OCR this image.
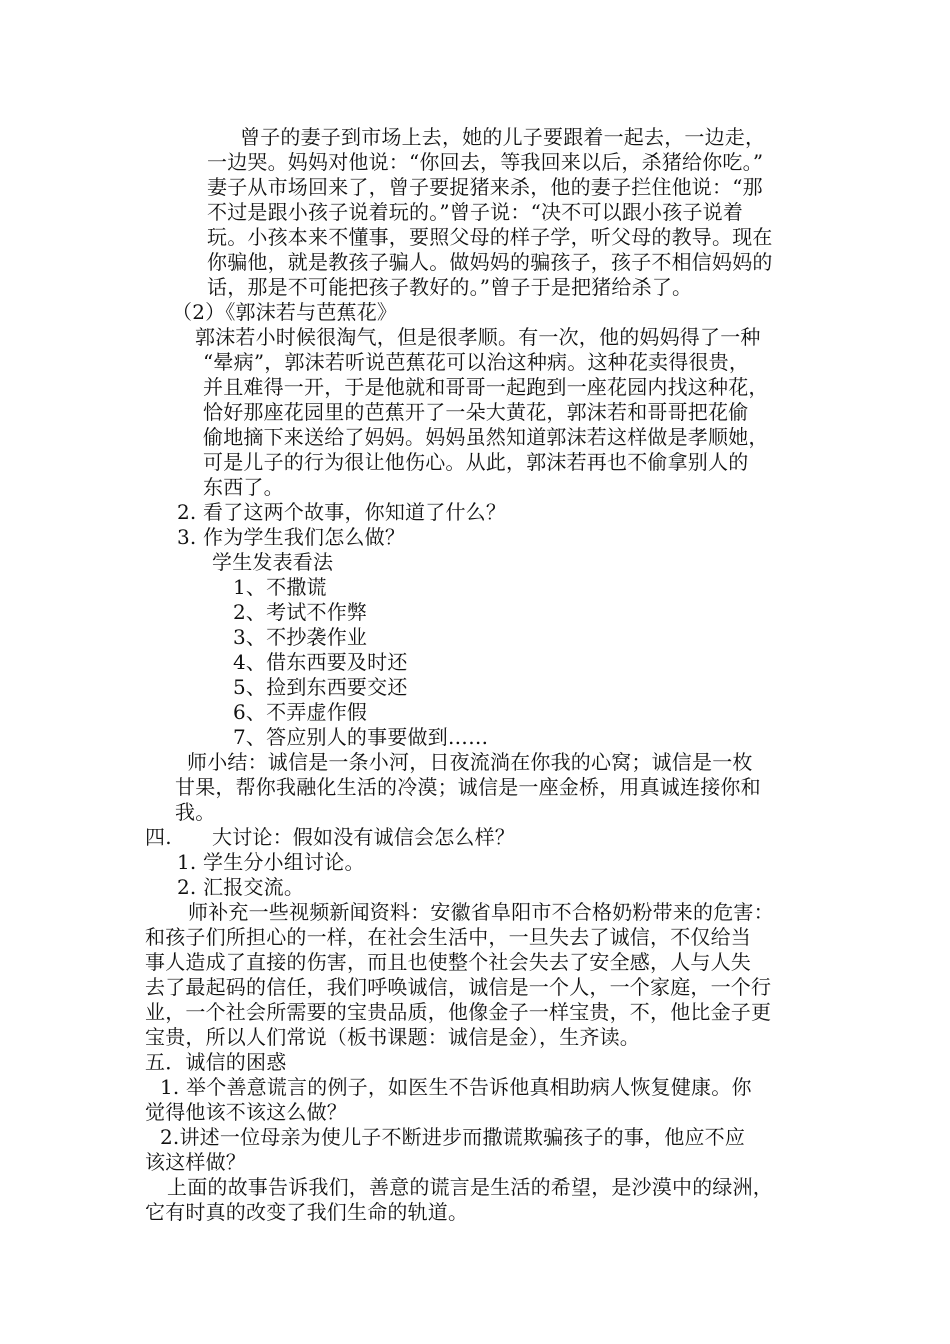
曾子的妻子到市场上去，她的儿子要跟着一起去，一边走，
一边哭。妈妈对他说：“你回去，等我回来以后，杀猪给你吃。”
妻子从市场回来了，曾子要捉猪来杀，他的妻子拦住他说：“那
不过是跟小孩子说着玩的。”曾子说：“决不可以跟小孩子说着
玩。小孩本来不懂事，要照父母的样子学，听父母的教导。现在
你骗他，就是教孩子骗人。做妈妈的骗孩子，孩子不相信妈妈的
话，那是不可能把孩子教好的。”曾子于是把猪给杀了。
（2）《郭沫若与芭蕉花》
郭沫若小时候很淘气，但是很孝顺。有一次，他的妈妈得了一种
“晕病”，郭沫若听说芭蕉花可以治这种病。这种花卖得很贵，
并且难得一开，于是他就和哥哥一起跑到一座花园内找这种花，
恰好那座花园里的芭蕉开了一朵大黄花，郭沫若和哥哥把花偷
偷地摘下来送给了妈妈。妈妈虽然知道郭沫若这样做是孝顺她，
可是儿子的行为很让他伤心。从此，郭沫若再也不偷拿别人的
东西了。
2. 看了这两个故事，你知道了什么？
3. 作为学生我们怎么做？
学生发表看法
1、不撒谎
2、考试不作弊
3、不抄袭作业
4、借东西要及时还
5、捡到东西要交还
6、不弄虚作假
7、答应别人的事要做到……
师小结：诚信是一条小河，日夜流淌在你我的心窝；诚信是一枚
甘果，帮你我融化生活的冷漠；诚信是一座金桥，用真诚连接你和
我。
四. 大讨论：假如没有诚信会怎么样？
1. 学生分小组讨论。
2. 汇报交流。
师补充一些视频新闻资料：安徽省阜阳市不合格奶粉带来的危害：
和孩子们所担心的一样，在社会生活中，一旦失去了诚信，不仅给当
事人造成了直接的伤害，而且也使整个社会失去了安全感，人与人失
去了最起码的信任，我们呼唤诚信，诚信是一个人，一个家庭，一个行
业，一个社会所需要的宝贵品质，他像金子一样宝贵，不，他比金子更
宝贵，所以人们常说（板书课题：诚信是金），生齐读。
五．诚信的困惑
1. 举个善意谎言的例子，如医生不告诉他真相助病人恢复健康。你
觉得他该不该这么做？
2.讲述一位母亲为使儿子不断进步而撒谎欺骗孩子的事，他应不应
该这样做？
上面的故事告诉我们，善意的谎言是生活的希望，是沙漠中的绿洲，
它有时真的改变了我们生命的轨道。
